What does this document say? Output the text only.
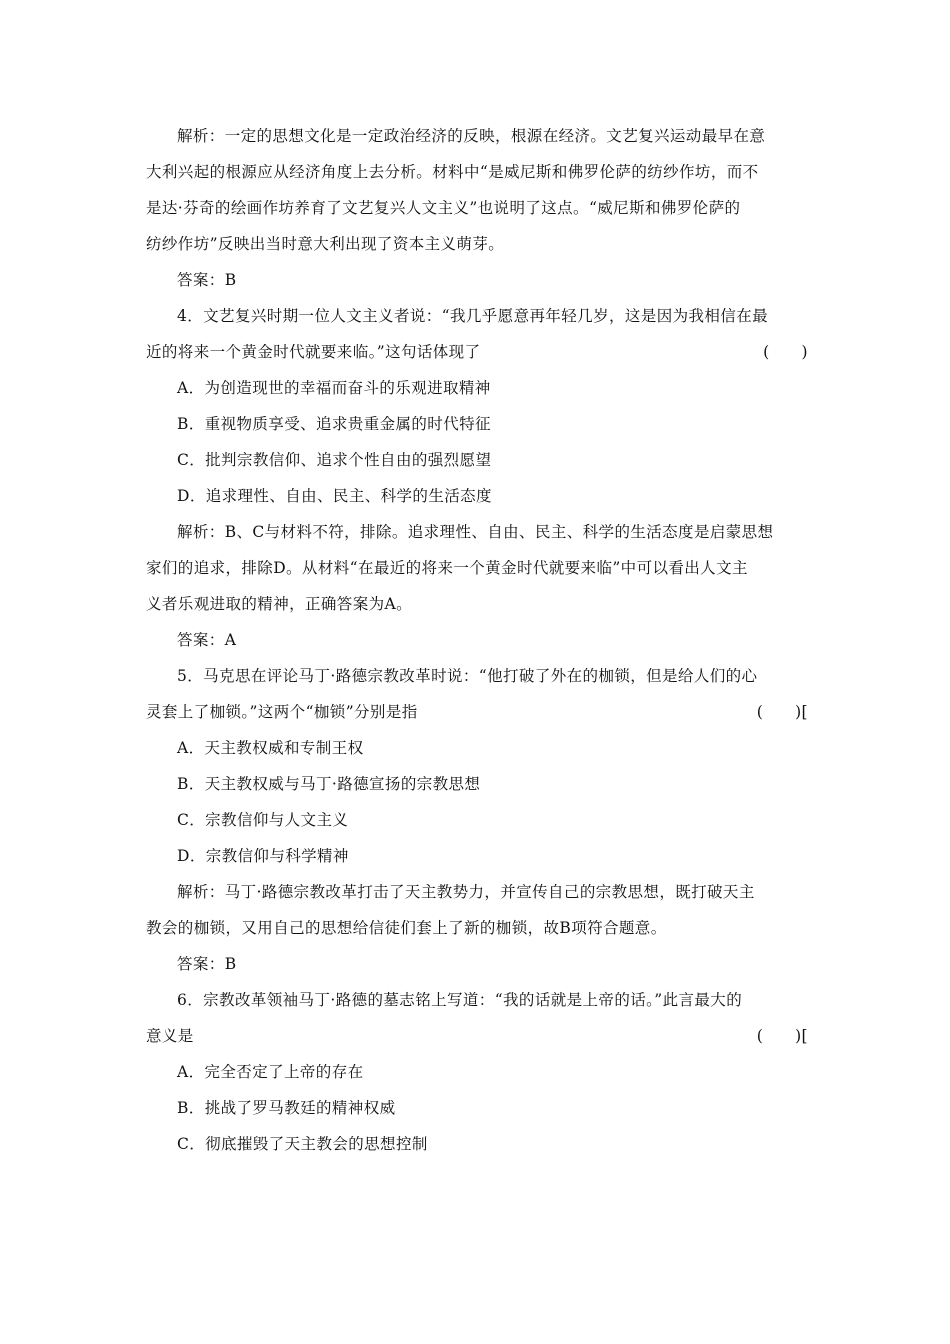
解析：一定的思想文化是一定政治经济的反映，根源在经济。文艺复兴运动最早在意

大利兴起的根源应从经济角度上去分析。材料中“是威尼斯和佛罗伦萨的纺纱作坊，而不

是达·芬奇的绘画作坊养育了文艺复兴人文主义”也说明了这点。“威尼斯和佛罗伦萨的

纺纱作坊”反映出当时意大利出现了资本主义萌芽。

答案：B

4．文艺复兴时期一位人文主义者说：“我几乎愿意再年轻几岁，这是因为我相信在最

近的将来一个黄金时代就要来临。”这句话体现了	(      )

A．为创造现世的幸福而奋斗的乐观进取精神

B．重视物质享受、追求贵重金属的时代特征

C．批判宗教信仰、追求个性自由的强烈愿望

D．追求理性、自由、民主、科学的生活态度

解析：B、C与材料不符，排除。追求理性、自由、民主、科学的生活态度是启蒙思想

家们的追求，排除D。从材料“在最近的将来一个黄金时代就要来临”中可以看出人文主

义者乐观进取的精神，正确答案为A。

答案：A

5．马克思在评论马丁·路德宗教改革时说：“他打破了外在的枷锁，但是给人们的心

灵套上了枷锁。”这两个“枷锁”分别是指	(      )[

A．天主教权威和专制王权

B．天主教权威与马丁·路德宣扬的宗教思想

C．宗教信仰与人文主义

D．宗教信仰与科学精神

解析：马丁·路德宗教改革打击了天主教势力，并宣传自己的宗教思想，既打破天主

教会的枷锁，又用自己的思想给信徒们套上了新的枷锁，故B项符合题意。

答案：B

6．宗教改革领袖马丁·路德的墓志铭上写道：“我的话就是上帝的话。”此言最大的

意义是	(      )[

A．完全否定了上帝的存在

B．挑战了罗马教廷的精神权威

C．彻底摧毁了天主教会的思想控制
